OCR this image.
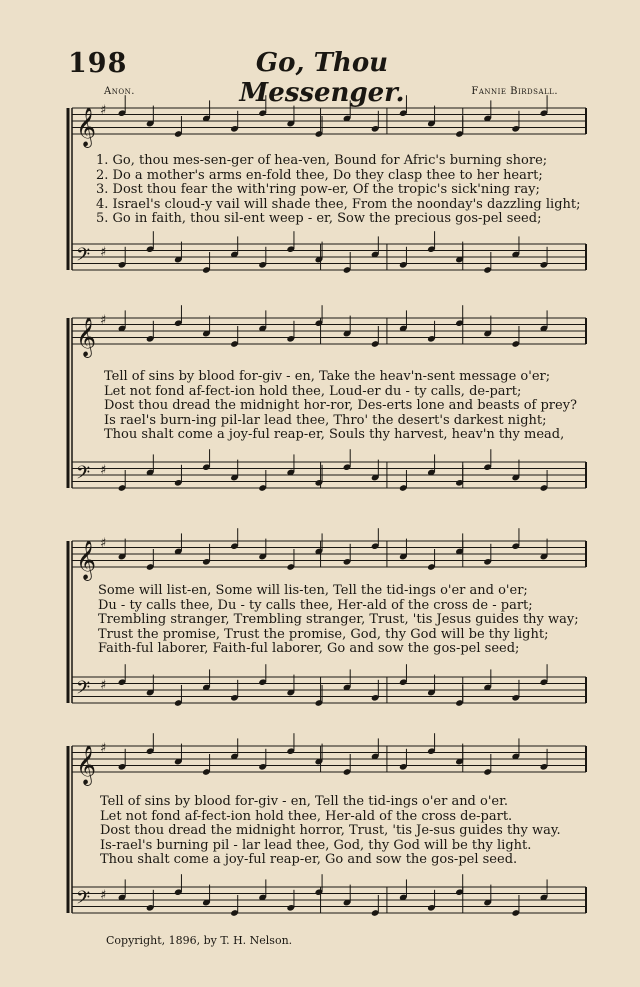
𝄞 ♯
𝄢 ♯
𝄞 ♯
𝄢 ♯
𝄞 ♯
𝄢 ♯
𝄞 ♯
𝄢 ♯
198	Go, Thou Messenger.
Anon.	Fannie Birdsall.
1. Go, thou mes-sen-ger of hea-ven, Bound for Afric's burning shore;
2. Do a mother's arms en-fold thee, Do they clasp thee to her heart;
3. Dost thou fear the with'ring pow-er, Of the tropic's sick'ning ray;
4. Israel's cloud-y vail will shade thee, From the noonday's dazzling light;
5. Go in faith, thou sil-ent weep - er, Sow the precious gos-pel seed;
Tell of sins by blood for-giv - en, Take the heav'n-sent message o'er;
Let not fond af-fect-ion hold thee, Loud-er du - ty calls, de-part;
Dost thou dread the midnight hor-ror, Des-erts lone and beasts of prey?
Is rael's burn-ing pil-lar lead thee, Thro' the desert's darkest night;
Thou shalt come a joy-ful reap-er, Souls thy harvest, heav'n thy mead,
Some will list-en, Some will lis-ten, Tell the tid-ings o'er and o'er;
Du - ty calls thee, Du - ty calls thee, Her-ald of the cross de - part;
Trembling stranger, Trembling stranger, Trust, 'tis Jesus guides thy way;
Trust the promise, Trust the promise, God, thy God will be thy light;
Faith-ful laborer, Faith-ful laborer, Go and sow the gos-pel seed;
Tell of sins by blood for-giv - en, Tell the tid-ings o'er and o'er.
Let not fond af-fect-ion hold thee, Her-ald of the cross de-part.
Dost thou dread the midnight horror, Trust, 'tis Je-sus guides thy way.
Is-rael's burning pil - lar lead thee, God, thy God will be thy light.
Thou shalt come a joy-ful reap-er, Go and sow the gos-pel seed.
Copyright, 1896, by T. H. Nelson.
